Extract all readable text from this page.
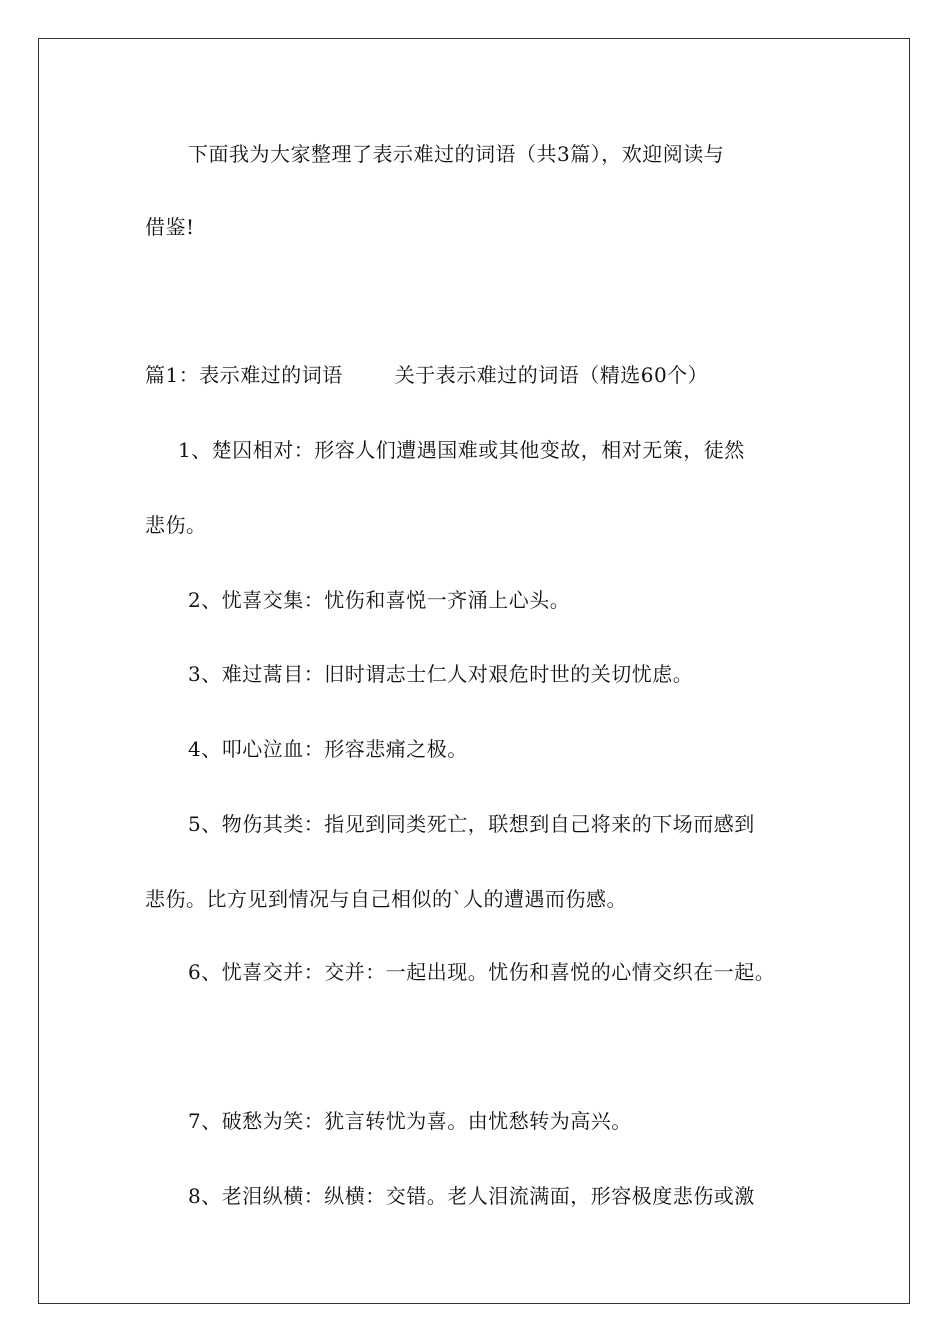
下面我为大家整理了表示难过的词语（共3篇），欢迎阅读与
借鉴!
篇1：表示难过的词语	关于表示难过的词语（精选60个）
1、楚囚相对：形容人们遭遇国难或其他变故，相对无策，徒然
悲伤。
2、忧喜交集：忧伤和喜悦一齐涌上心头。
3、难过蒿目：旧时谓志士仁人对艰危时世的关切忧虑。
4、叩心泣血：形容悲痛之极。
5、物伤其类：指见到同类死亡，联想到自己将来的下场而感到
悲伤。比方见到情况与自己相似的`人的遭遇而伤感。
6、忧喜交并：交并：一起出现。忧伤和喜悦的心情交织在一起。
7、破愁为笑：犹言转忧为喜。由忧愁转为高兴。
8、老泪纵横：纵横：交错。老人泪流满面，形容极度悲伤或激
